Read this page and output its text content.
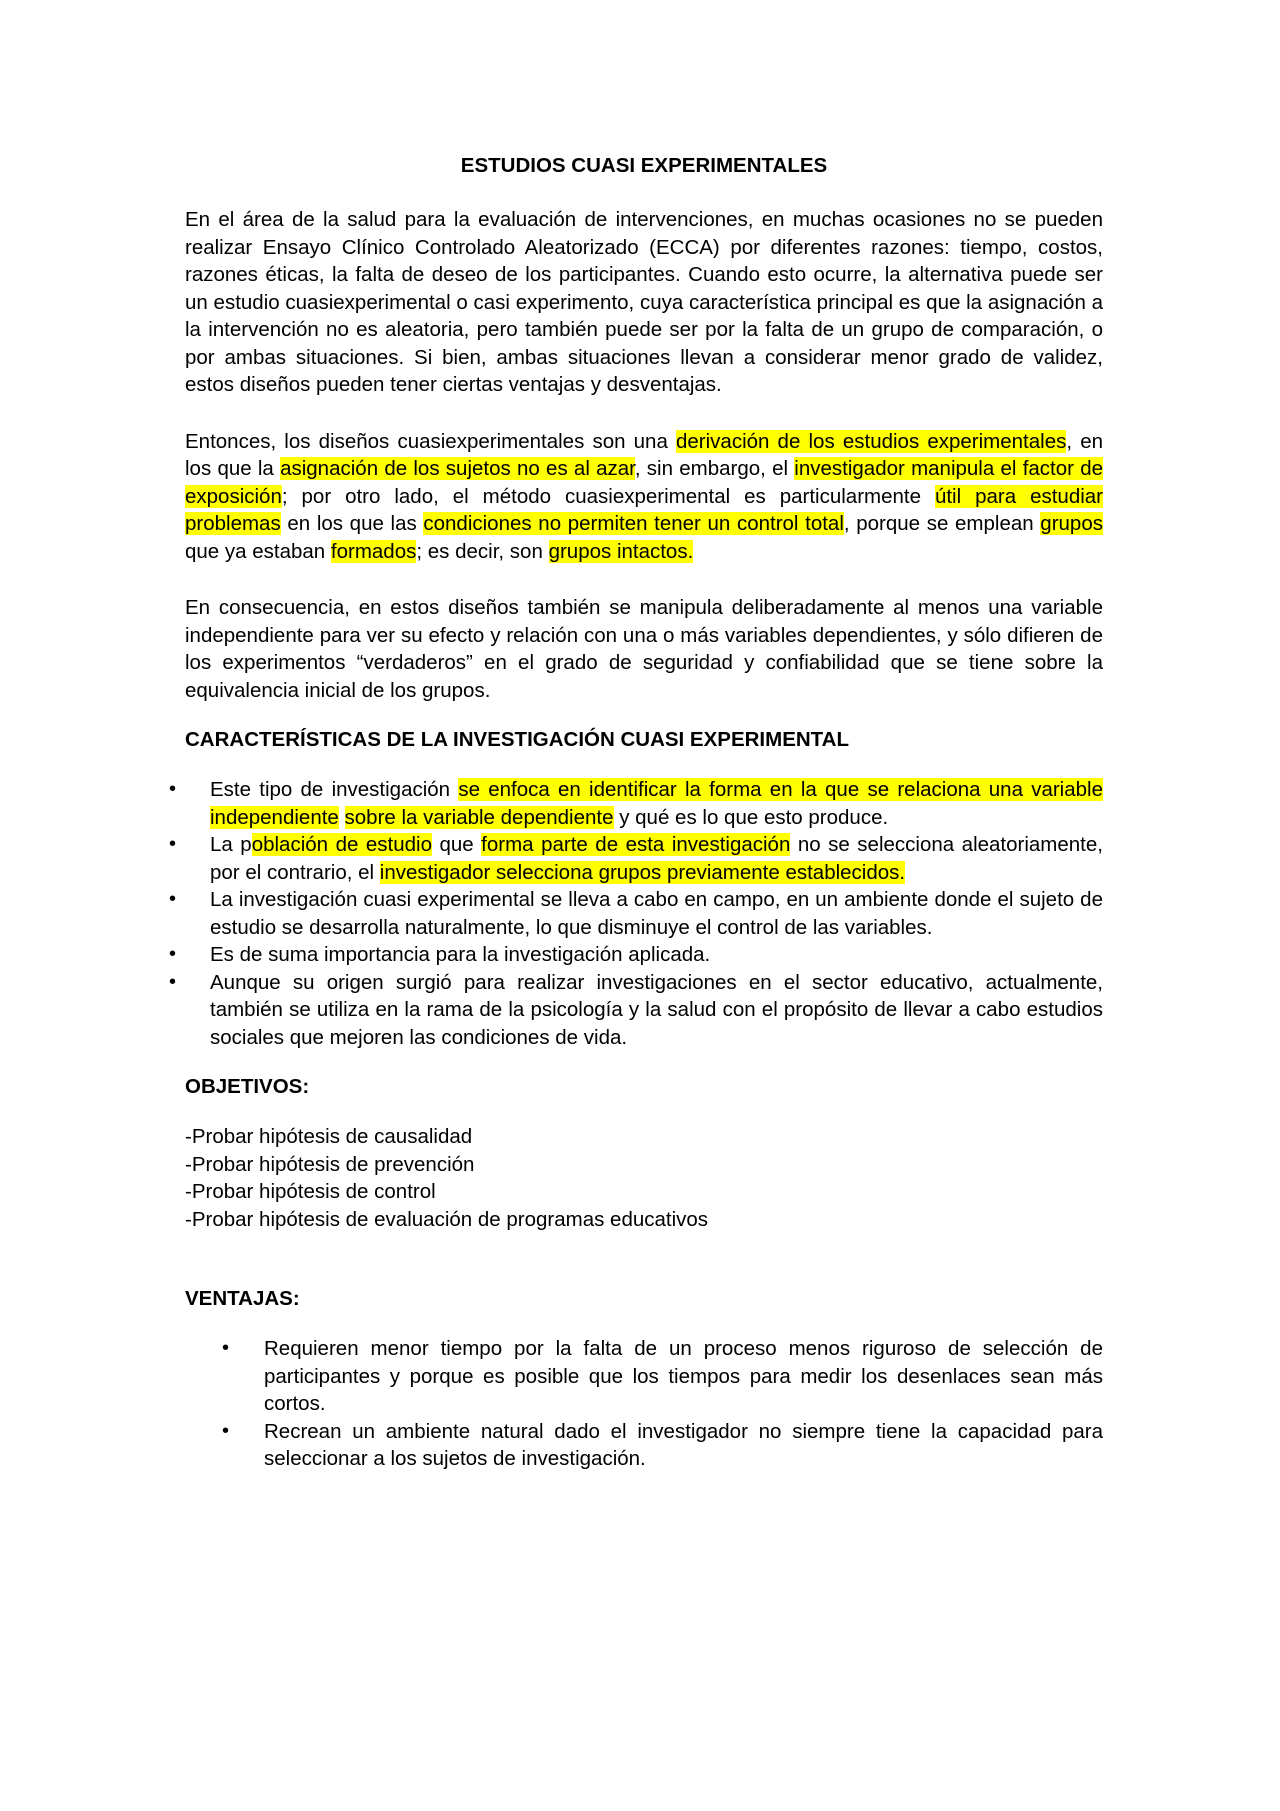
ESTUDIOS CUASI EXPERIMENTALES

En el área de la salud para la evaluación de intervenciones, en muchas ocasiones no se pueden realizar Ensayo Clínico Controlado Aleatorizado (ECCA) por diferentes razones: tiempo, costos, razones éticas, la falta de deseo de los participantes. Cuando esto ocurre, la alternativa puede ser un estudio cuasiexperimental o casi experimento, cuya característica principal es que la asignación a la intervención no es aleatoria, pero también puede ser por la falta de un grupo de comparación, o por ambas situaciones. Si bien, ambas situaciones llevan a considerar menor grado de validez, estos diseños pueden tener ciertas ventajas y desventajas.

Entonces, los diseños cuasiexperimentales son una derivación de los estudios experimentales, en los que la asignación de los sujetos no es al azar, sin embargo, el investigador manipula el factor de exposición; por otro lado, el método cuasiexperimental es particularmente útil para estudiar problemas en los que las condiciones no permiten tener un control total, porque se emplean grupos que ya estaban formados; es decir, son grupos intactos.

En consecuencia, en estos diseños también se manipula deliberadamente al menos una variable independiente para ver su efecto y relación con una o más variables dependientes, y sólo difieren de los experimentos “verdaderos” en el grado de seguridad y confiabilidad que se tiene sobre la equivalencia inicial de los grupos.

CARACTERÍSTICAS DE LA INVESTIGACIÓN CUASI EXPERIMENTAL
• Este tipo de investigación se enfoca en identificar la forma en la que se relaciona una variable independiente sobre la variable dependiente y qué es lo que esto produce.
• La población de estudio que forma parte de esta investigación no se selecciona aleatoriamente, por el contrario, el investigador selecciona grupos previamente establecidos.
• La investigación cuasi experimental se lleva a cabo en campo, en un ambiente donde el sujeto de estudio se desarrolla naturalmente, lo que disminuye el control de las variables.
• Es de suma importancia para la investigación aplicada.
• Aunque su origen surgió para realizar investigaciones en el sector educativo, actualmente, también se utiliza en la rama de la psicología y la salud con el propósito de llevar a cabo estudios sociales que mejoren las condiciones de vida.
OBJETIVOS:

-Probar hipótesis de causalidad

-Probar hipótesis de prevención

-Probar hipótesis de control

-Probar hipótesis de evaluación de programas educativos

VENTAJAS:
• Requieren menor tiempo por la falta de un proceso menos riguroso de selección de participantes y porque es posible que los tiempos para medir los desenlaces sean más cortos.
• Recrean un ambiente natural dado el investigador no siempre tiene la capacidad para seleccionar a los sujetos de investigación.
